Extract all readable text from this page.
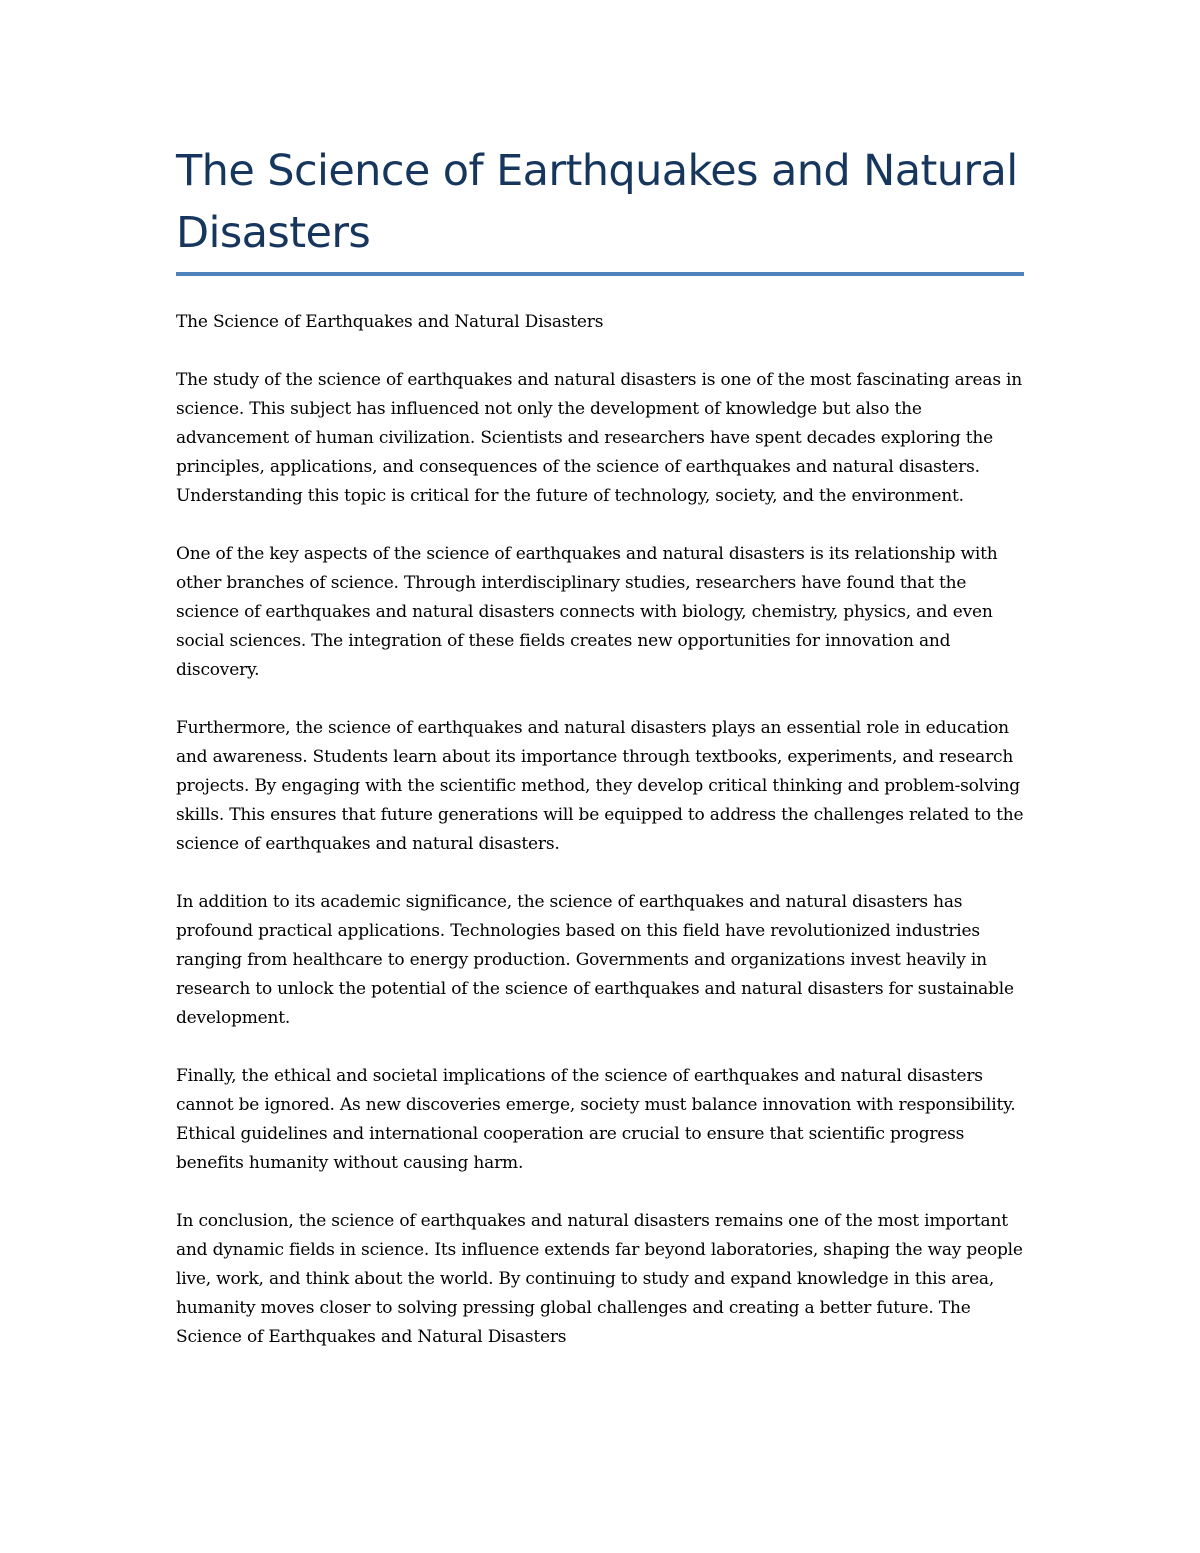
The Science of Earthquakes and Natural Disasters

The Science of Earthquakes and Natural Disasters

The study of the science of earthquakes and natural disasters is one of the most fascinating areas in science. This subject has influenced not only the development of knowledge but also the advancement of human civilization. Scientists and researchers have spent decades exploring the principles, applications, and consequences of the science of earthquakes and natural disasters. Understanding this topic is critical for the future of technology, society, and the environment.

One of the key aspects of the science of earthquakes and natural disasters is its relationship with other branches of science. Through interdisciplinary studies, researchers have found that the science of earthquakes and natural disasters connects with biology, chemistry, physics, and even social sciences. The integration of these fields creates new opportunities for innovation and discovery.

Furthermore, the science of earthquakes and natural disasters plays an essential role in education and awareness. Students learn about its importance through textbooks, experiments, and research projects. By engaging with the scientific method, they develop critical thinking and problem-solving skills. This ensures that future generations will be equipped to address the challenges related to the science of earthquakes and natural disasters.

In addition to its academic significance, the science of earthquakes and natural disasters has profound practical applications. Technologies based on this field have revolutionized industries ranging from healthcare to energy production. Governments and organizations invest heavily in research to unlock the potential of the science of earthquakes and natural disasters for sustainable development.

Finally, the ethical and societal implications of the science of earthquakes and natural disasters cannot be ignored. As new discoveries emerge, society must balance innovation with responsibility. Ethical guidelines and international cooperation are crucial to ensure that scientific progress benefits humanity without causing harm.

In conclusion, the science of earthquakes and natural disasters remains one of the most important and dynamic fields in science. Its influence extends far beyond laboratories, shaping the way people live, work, and think about the world. By continuing to study and expand knowledge in this area, humanity moves closer to solving pressing global challenges and creating a better future. The Science of Earthquakes and Natural Disasters
